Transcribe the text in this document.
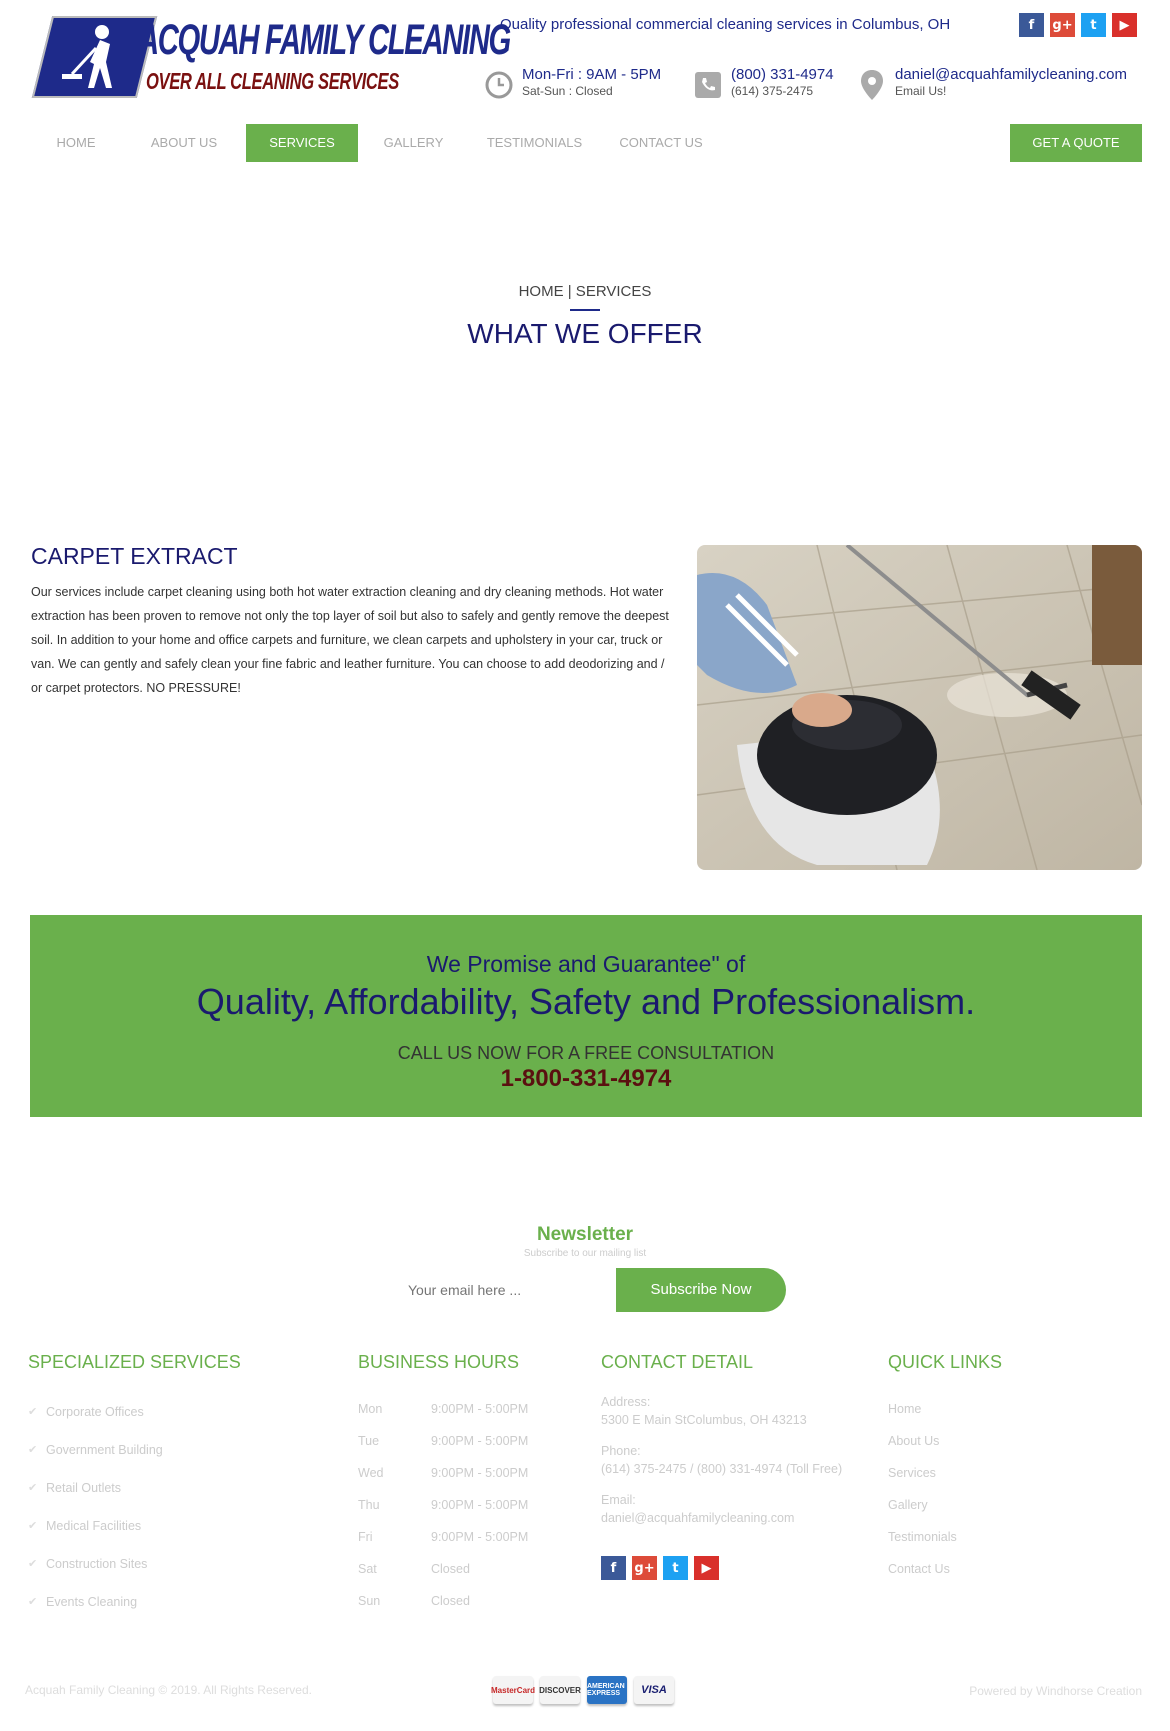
ACQUAH FAMILY CLEANING
OVER ALL CLEANING SERVICES
Quality professional commercial cleaning services in Columbus, OH	f	g+	t	▶
Mon-Fri : 9AM - 5PM
Sat-Sun : Closed
(800) 331-4974
(614) 375-2475
daniel@acquahfamilycleaning.com
Email Us!
HOME	ABOUT US	SERVICES	GALLERY	TESTIMONIALS	CONTACT US	GET A QUOTE
HOME | SERVICES
WHAT WE OFFER
CARPET EXTRACT
Our services include carpet cleaning using both hot water extraction cleaning and dry cleaning methods. Hot water extraction has been proven to remove not only the top layer of soil but also to safely and gently remove the deepest soil. In addition to your home and office carpets and furniture, we clean carpets and upholstery in your car, truck or van. We can gently and safely clean your fine fabric and leather furniture. You can choose to add deodorizing and / or carpet protectors. NO PRESSURE!
We Promise and Guarantee" of
Quality, Affordability, Safety and Professionalism.
CALL US NOW FOR A FREE CONSULTATION
1-800-331-4974
Newsletter
Subscribe to our mailing list
Your email here ...
Subscribe Now
SPECIALIZED SERVICES
✔ Corporate Offices
✔ Government Building
✔ Retail Outlets
✔ Medical Facilities
✔ Construction Sites
✔ Events Cleaning
BUSINESS HOURS
Mon	9:00PM - 5:00PM
Tue	9:00PM - 5:00PM
Wed	9:00PM - 5:00PM
Thu	9:00PM - 5:00PM
Fri	9:00PM - 5:00PM
Sat	Closed
Sun	Closed
CONTACT DETAIL
Address:
5300 E Main StColumbus, OH 43213
Phone:
(614) 375-2475 / (800) 331-4974 (Toll Free)
Email:
daniel@acquahfamilycleaning.com
f	g+	t	▶
QUICK LINKS
Home
About Us
Services
Gallery
Testimonials
Contact Us
Acquah Family Cleaning © 2019. All Rights Reserved.	MasterCard DISCOVER AMERICAN EXPRESS	VISA	Powered by Windhorse Creation
